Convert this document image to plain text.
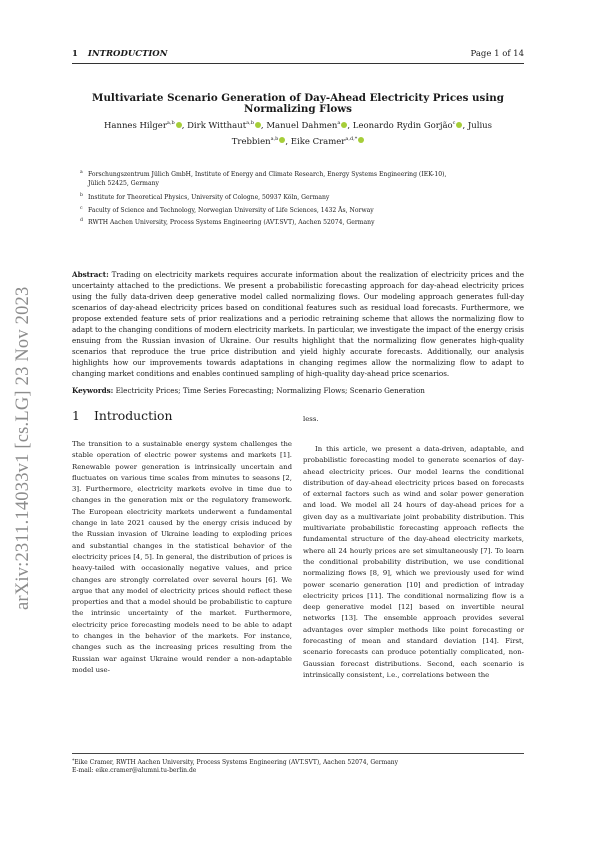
1 INTRODUCTION	Page 1 of 14
arXiv:2311.14033v1 [cs.LG] 23 Nov 2023
Multivariate Scenario Generation of Day-Ahead Electricity Prices using
Normalizing Flows
Hannes Hilger$^{a,b}$ , Dirk Witthaut$^{a,b}$ , Manuel Dahmen$^a$ , Leonardo Rydin Gorjão$^c$ , Julius
Trebbien$^{a,b}$ , Eike Cramer$^{a,d,*}$
a Forschungszentrum Jülich GmbH, Institute of Energy and Climate Research, Energy Systems Engineering (IEK-10),
Jülich 52425, Germany
b Institute for Theoretical Physics, University of Cologne, 50937 Köln, Germany
c Faculty of Science and Technology, Norwegian University of Life Sciences, 1432 Ås, Norway
d RWTH Aachen University, Process Systems Engineering (AVT.SVT), Aachen 52074, Germany
Abstract: Trading on electricity markets requires accurate information about the realization of electricity prices and the uncertainty attached to the predictions. We present a probabilistic forecasting approach for day-ahead electricity prices using the fully data-driven deep generative model called normalizing flows. Our modeling approach generates full-day scenarios of day-ahead electricity prices based on conditional features such as residual load forecasts. Furthermore, we propose extended feature sets of prior realizations and a periodic retraining scheme that allows the normalizing flow to adapt to the changing conditions of modern electricity markets. In particular, we investigate the impact of the energy crisis ensuing from the Russian invasion of Ukraine. Our results highlight that the normalizing flow generates high-quality scenarios that reproduce the true price distribution and yield highly accurate forecasts. Additionally, our analysis highlights how our improvements towards adaptations in changing regimes allow the normalizing flow to adapt to changing market conditions and enables continued sampling of high-quality day-ahead price scenarios.
Keywords: Electricity Prices; Time Series Forecasting; Normalizing Flows; Scenario Generation
1 Introduction

The transition to a sustainable energy system challenges the stable operation of electric power systems and markets [1]. Renewable power generation is intrinsically uncertain and fluctuates on various time scales from minutes to seasons [2, 3]. Furthermore, electricity markets evolve in time due to changes in the generation mix or the regulatory framework. The European electricity markets underwent a fundamental change in late 2021 caused by the energy crisis induced by the Russian invasion of Ukraine leading to exploding prices and substantial changes in the statistical behavior of the electricity prices [4, 5]. In general, the distribution of prices is heavy-tailed with occasionally negative values, and price changes are strongly correlated over several hours [6]. We argue that any model of electricity prices should reflect these properties and that a model should be probabilistic to capture the intrinsic uncertainty of the market. Furthermore, electricity price forecasting models need to be able to adapt to changes in the behavior of the markets. For instance, changes such as the increasing prices resulting from the Russian war against Ukraine would render a non-adaptable model use-

less.

In this article, we present a data-driven, adaptable, and probabilistic forecasting model to generate scenarios of day-ahead electricity prices. Our model learns the conditional distribution of day-ahead electricity prices based on forecasts of external factors such as wind and solar power generation and load. We model all 24 hours of day-ahead prices for a given day as a multivariate joint probability distribution. This multivariate probabilistic forecasting approach reflects the fundamental structure of the day-ahead electricity markets, where all 24 hourly prices are set simultaneously [7]. To learn the conditional probability distribution, we use conditional normalizing flows [8, 9], which we previously used for wind power scenario generation [10] and prediction of intraday electricity prices [11]. The conditional normalizing flow is a deep generative model [12] based on invertible neural networks [13]. The ensemble approach provides several advantages over simpler methods like point forecasting or forecasting of mean and standard deviation [14]. First, scenario forecasts can produce potentially complicated, non-Gaussian forecast distributions. Second, each scenario is intrinsically consistent, i.e., correlations between the

*Eike Cramer, RWTH Aachen University, Process Systems Engineering (AVT.SVT), Aachen 52074, Germany
E-mail: eike.cramer@alumni.tu-berlin.de
